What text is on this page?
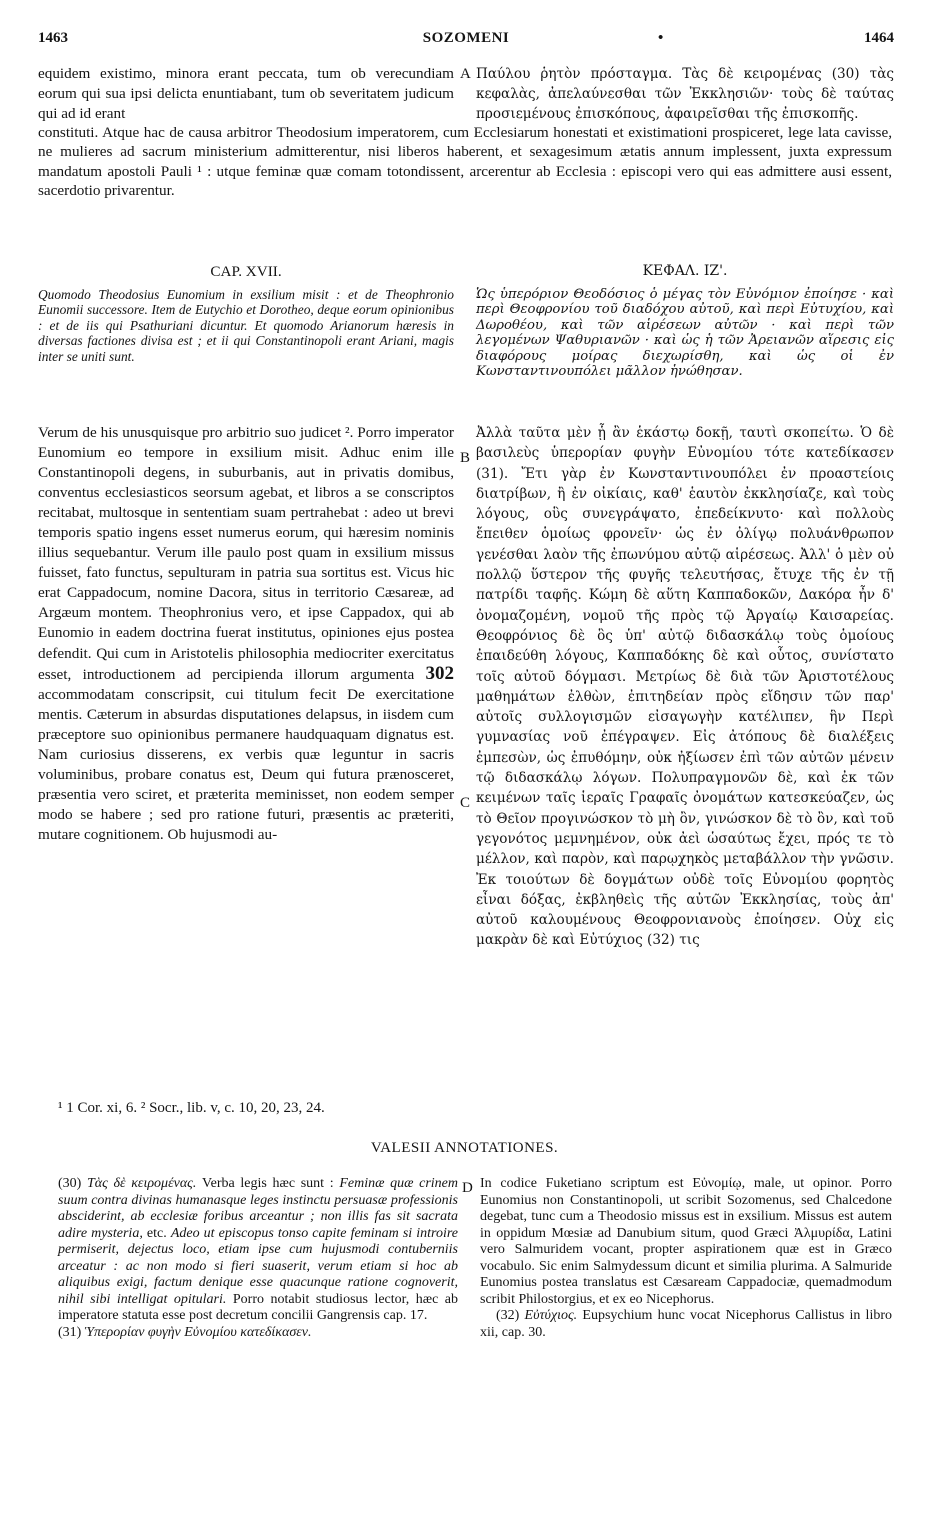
1463	SOZOMENI	•	1464

equidem existimo, minora erant peccata, tum ob verecundiam eorum qui sua ipsi delicta enuntiabant, tum ob severitatem judicum qui ad id erant

A Παύλου ῥητὸν πρόσταγμα. Τὰς δὲ κειρομένας (30) τὰς κεφαλὰς, ἀπελαύνεσθαι τῶν Ἐκκλησιῶν· τοὺς δὲ ταύτας προσιεμένους ἐπισκόπους, ἀφαιρεῖσθαι τῆς ἐπισκοπῆς.

constituti. Atque hac de causa arbitror Theodosium imperatorem, cum Ecclesiarum honestati et existimationi prospiceret, lege lata cavisse, ne mulieres ad sacrum ministerium admitterentur, nisi liberos haberent, et sexagesimum ætatis annum implessent, juxta expressum mandatum apostoli Pauli ¹ : utque feminæ quæ comam totondissent, arcerentur ab Ecclesia : episcopi vero qui eas admittere ausi essent, sacerdotio privarentur.

CAP. XVII.	ΚΕΦΑΛ. ΙΖ'.
Quomodo Theodosius Eunomium in exsilium misit : et de Theophronio Eunomii successore. Item de Eutychio et Dorotheo, deque eorum opinionibus : et de iis qui Psathuriani dicuntur. Et quomodo Arianorum hæresis in diversas factiones divisa est ; et ii qui Constantinopoli erant Ariani, magis inter se uniti sunt.
Ὡς ὑπερόριον Θεοδόσιος ὁ μέγας τὸν Εὐνόμιον ἐποίησε · καὶ περὶ Θεοφρονίου τοῦ διαδόχου αὐτοῦ, καὶ περὶ Εὐτυχίου, καὶ Δωροθέου, καὶ τῶν αἱρέσεων αὐτῶν · καὶ περὶ τῶν λεγομένων Ψαθυριανῶν · καὶ ὡς ἡ τῶν Ἀρειανῶν αἵρεσις εἰς διαφόρους μοίρας διεχωρίσθη, καὶ ὡς οἱ ἐν Κωνσταντινουπόλει μᾶλλον ἡνώθησαν.

Verum de his unusquisque pro arbitrio suo judicet ². Porro imperator Eunomium eo tempore in exsilium misit. Adhuc enim ille Constantinopoli degens, in suburbanis, aut in privatis domibus, conventus ecclesiasticos seorsum agebat, et libros a se conscriptos recitabat, multosque in sententiam suam pertrahebat : adeo ut brevi temporis spatio ingens esset numerus eorum, qui hæresim nominis illius sequebantur. Verum ille paulo post quam in exsilium missus fuisset, fato functus, sepulturam in patria sua sortitus est. Vicus hic erat Cappadocum, nomine Dacora, situs in territorio Cæsareæ, ad Argæum montem. Theophronius vero, et ipse Cappadox, qui ab Eunomio in eadem doctrina fuerat institutus, opiniones ejus postea defendit. Qui cum in Aristotelis philosophia mediocriter exercitatus esset, introductionem ad percipienda illorum argumenta 302 accommodatam conscripsit, cui titulum fecit De exercitatione mentis. Cæterum in absurdas disputationes delapsus, in iisdem cum præceptore suo opinionibus permanere haudquaquam dignatus est. Nam curiosius disserens, ex verbis quæ leguntur in sacris voluminibus, probare conatus est, Deum qui futura prænosceret, præsentia vero sciret, et præterita meminisset, non eodem semper modo se habere ; sed pro ratione futuri, præsentis ac præteriti, mutare cognitionem. Ob hujusmodi au-

B
C

Ἀλλὰ ταῦτα μὲν ᾗ ἂν ἑκάστῳ δοκῇ, ταυτὶ σκοπείτω. Ὁ δὲ βασιλεὺς ὑπερορίαν φυγὴν Εὐνομίου τότε κατεδίκασεν (31). Ἔτι γὰρ ἐν Κωνσταντινουπόλει ἐν προαστείοις διατρίβων, ἢ ἐν οἰκίαις, καθ' ἑαυτὸν ἐκκλησίαζε, καὶ τοὺς λόγους, οὓς συνεγράψατο, ἐπεδείκνυτο· καὶ πολλοὺς ἔπειθεν ὁμοίως φρονεῖν· ὡς ἐν ὀλίγῳ πολυάνθρωπον γενέσθαι λαὸν τῆς ἐπωνύμου αὐτῷ αἱρέσεως. Ἀλλ' ὁ μὲν οὐ πολλῷ ὕστερον τῆς φυγῆς τελευτήσας, ἔτυχε τῆς ἐν τῇ πατρίδι ταφῆς. Κώμη δὲ αὕτη Καππαδοκῶν, Δακόρα ἦν δ' ὀνομαζομένη, νομοῦ τῆς πρὸς τῷ Ἀργαίῳ Καισαρείας. Θεοφρόνιος δὲ ὃς ὑπ' αὐτῷ διδασκάλῳ τοὺς ὁμοίους ἐπαιδεύθη λόγους, Καππαδόκης δὲ καὶ οὗτος, συνίστατο τοῖς αὐτοῦ δόγμασι. Μετρίως δὲ διὰ τῶν Ἀριστοτέλους μαθημάτων ἐλθὼν, ἐπιτηδείαν πρὸς εἴδησιν τῶν παρ' αὐτοῖς συλλογισμῶν εἰσαγωγὴν κατέλιπεν, ἣν Περὶ γυμνασίας νοῦ ἐπέγραψεν. Εἰς ἀτόπους δὲ διαλέξεις ἐμπεσὼν, ὡς ἐπυθόμην, οὐκ ἠξίωσεν ἐπὶ τῶν αὐτῶν μένειν τῷ διδασκάλῳ λόγων. Πολυπραγμονῶν δὲ, καὶ ἐκ τῶν κειμένων ταῖς ἱεραῖς Γραφαῖς ὀνομάτων κατεσκεύαζεν, ὡς τὸ Θεῖον προγινώσκον τὸ μὴ ὂν, γινώσκον δὲ τὸ ὂν, καὶ τοῦ γεγονότος μεμνημένον, οὐκ ἀεὶ ὡσαύτως ἔχει, πρός τε τὸ μέλλον, καὶ παρὸν, καὶ παρῳχηκὸς μεταβάλλον τὴν γνῶσιν. Ἐκ τοιούτων δὲ δογμάτων οὐδὲ τοῖς Εὐνομίου φορητὸς εἶναι δόξας, ἐκβληθεὶς τῆς αὐτῶν Ἐκκλησίας, τοὺς ἀπ' αὐτοῦ καλουμένους Θεοφρονιανοὺς ἐποίησεν. Οὐχ εἰς μακρὰν δὲ καὶ Εὐτύχιος (32) τις

¹ 1 Cor. xi, 6. ² Socr., lib. v, c. 10, 20, 23, 24.
VALESII ANNOTATIONES.

(30) Τὰς δὲ κειρομένας. Verba legis hæc sunt : Feminæ quæ crinem suum contra divinas humanasque leges instinctu persuasæ professionis absciderint, ab ecclesiæ foribus arceantur ; non illis fas sit sacrata adire mysteria, etc. Adeo ut episcopus tonso capite feminam si introire permiserit, dejectus loco, etiam ipse cum hujusmodi contuberniis arceatur : ac non modo si fieri suaserit, verum etiam si hoc ab aliquibus exigi, factum denique esse quacunque ratione cognoverit, nihil sibi intelligat opitulari. Porro notabit studiosus lector, hæc ab imperatore statuta esse post decretum concilii Gangrensis cap. 17.

(31) Ὑπερορίαν φυγὴν Εὐνομίου κατεδίκασεν.

D In codice Fuketiano scriptum est Εὐνομίῳ, male, ut opinor. Porro Eunomius non Constantinopoli, ut scribit Sozomenus, sed Chalcedone degebat, tunc cum a Theodosio missus est in exsilium. Missus est autem in oppidum Mœsiæ ad Danubium situm, quod Græci Ἀλμυρίδα, Latini vero Salmuridem vocant, propter aspirationem quæ est in Græco vocabulo. Sic enim Salmydessum dicunt et similia plurima. A Salmuride Eunomius postea translatus est Cæsaream Cappadociæ, quemadmodum scribit Philostorgius, et ex eo Nicephorus.

(32) Εὐτύχιος. Eupsychium hunc vocat Nicephorus Callistus in libro xii, cap. 30.
